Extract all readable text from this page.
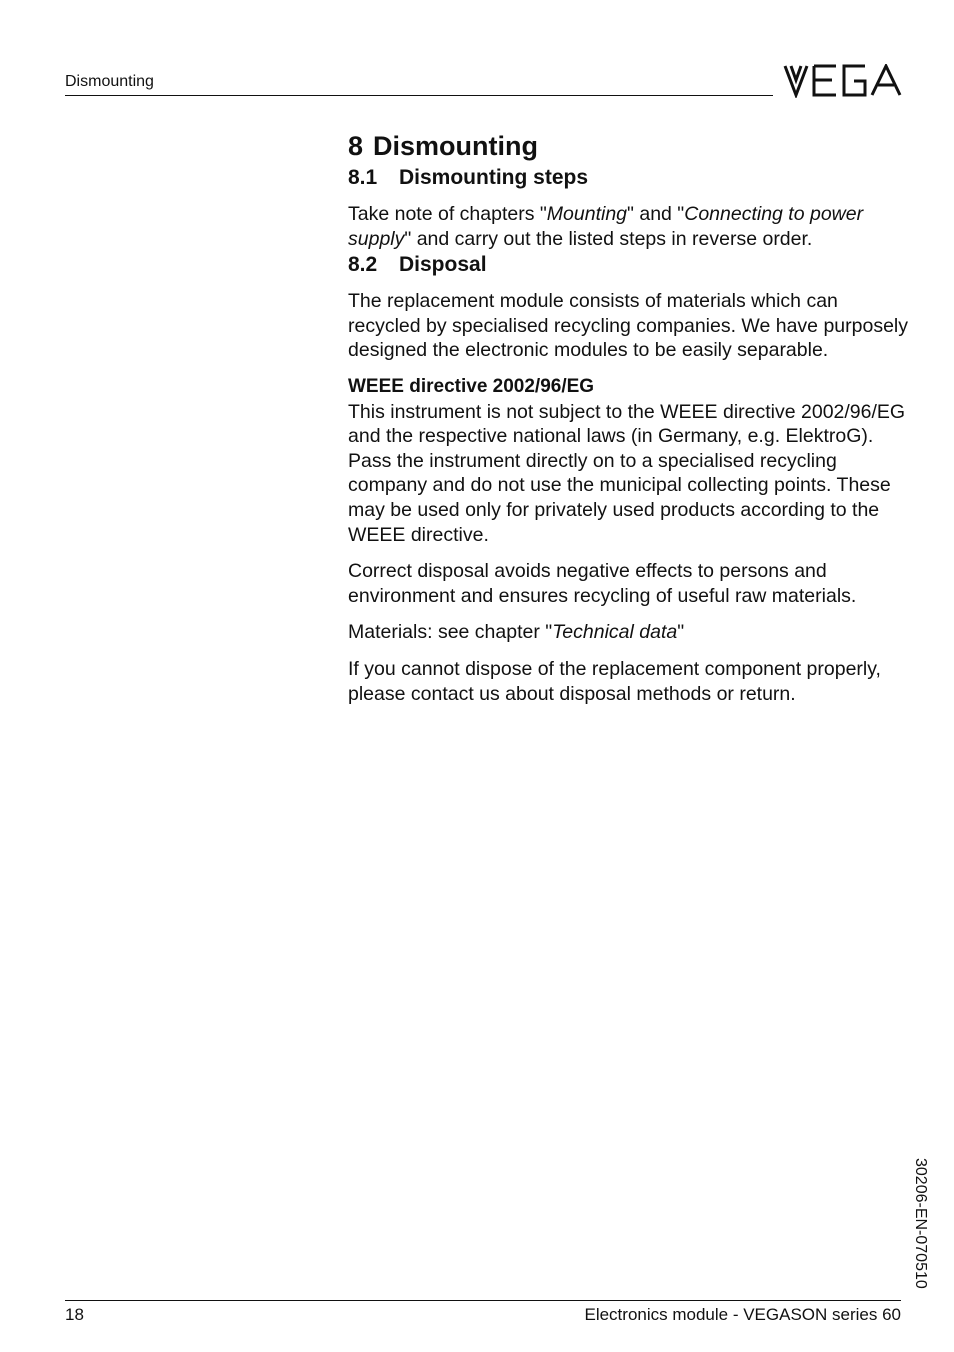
Dismounting
8 Dismounting
8.1 Dismounting steps

Take note of chapters "Mounting" and "Connecting to power supply" and carry out the listed steps in reverse order.

8.2 Disposal

The replacement module consists of materials which can recycled by specialised recycling companies. We have purposely designed the electronic modules to be easily separable.

WEEE directive 2002/96/EG

This instrument is not subject to the WEEE directive 2002/96/EG and the respective national laws (in Germany, e.g. ElektroG). Pass the instrument directly on to a specialised recycling company and do not use the municipal collecting points. These may be used only for privately used products according to the WEEE directive.

Correct disposal avoids negative effects to persons and environment and ensures recycling of useful raw materials.

Materials: see chapter "Technical data"

If you cannot dispose of the replacement component properly, please contact us about disposal methods or return.

30206-EN-070510
18	Electronics module - VEGASON series 60
